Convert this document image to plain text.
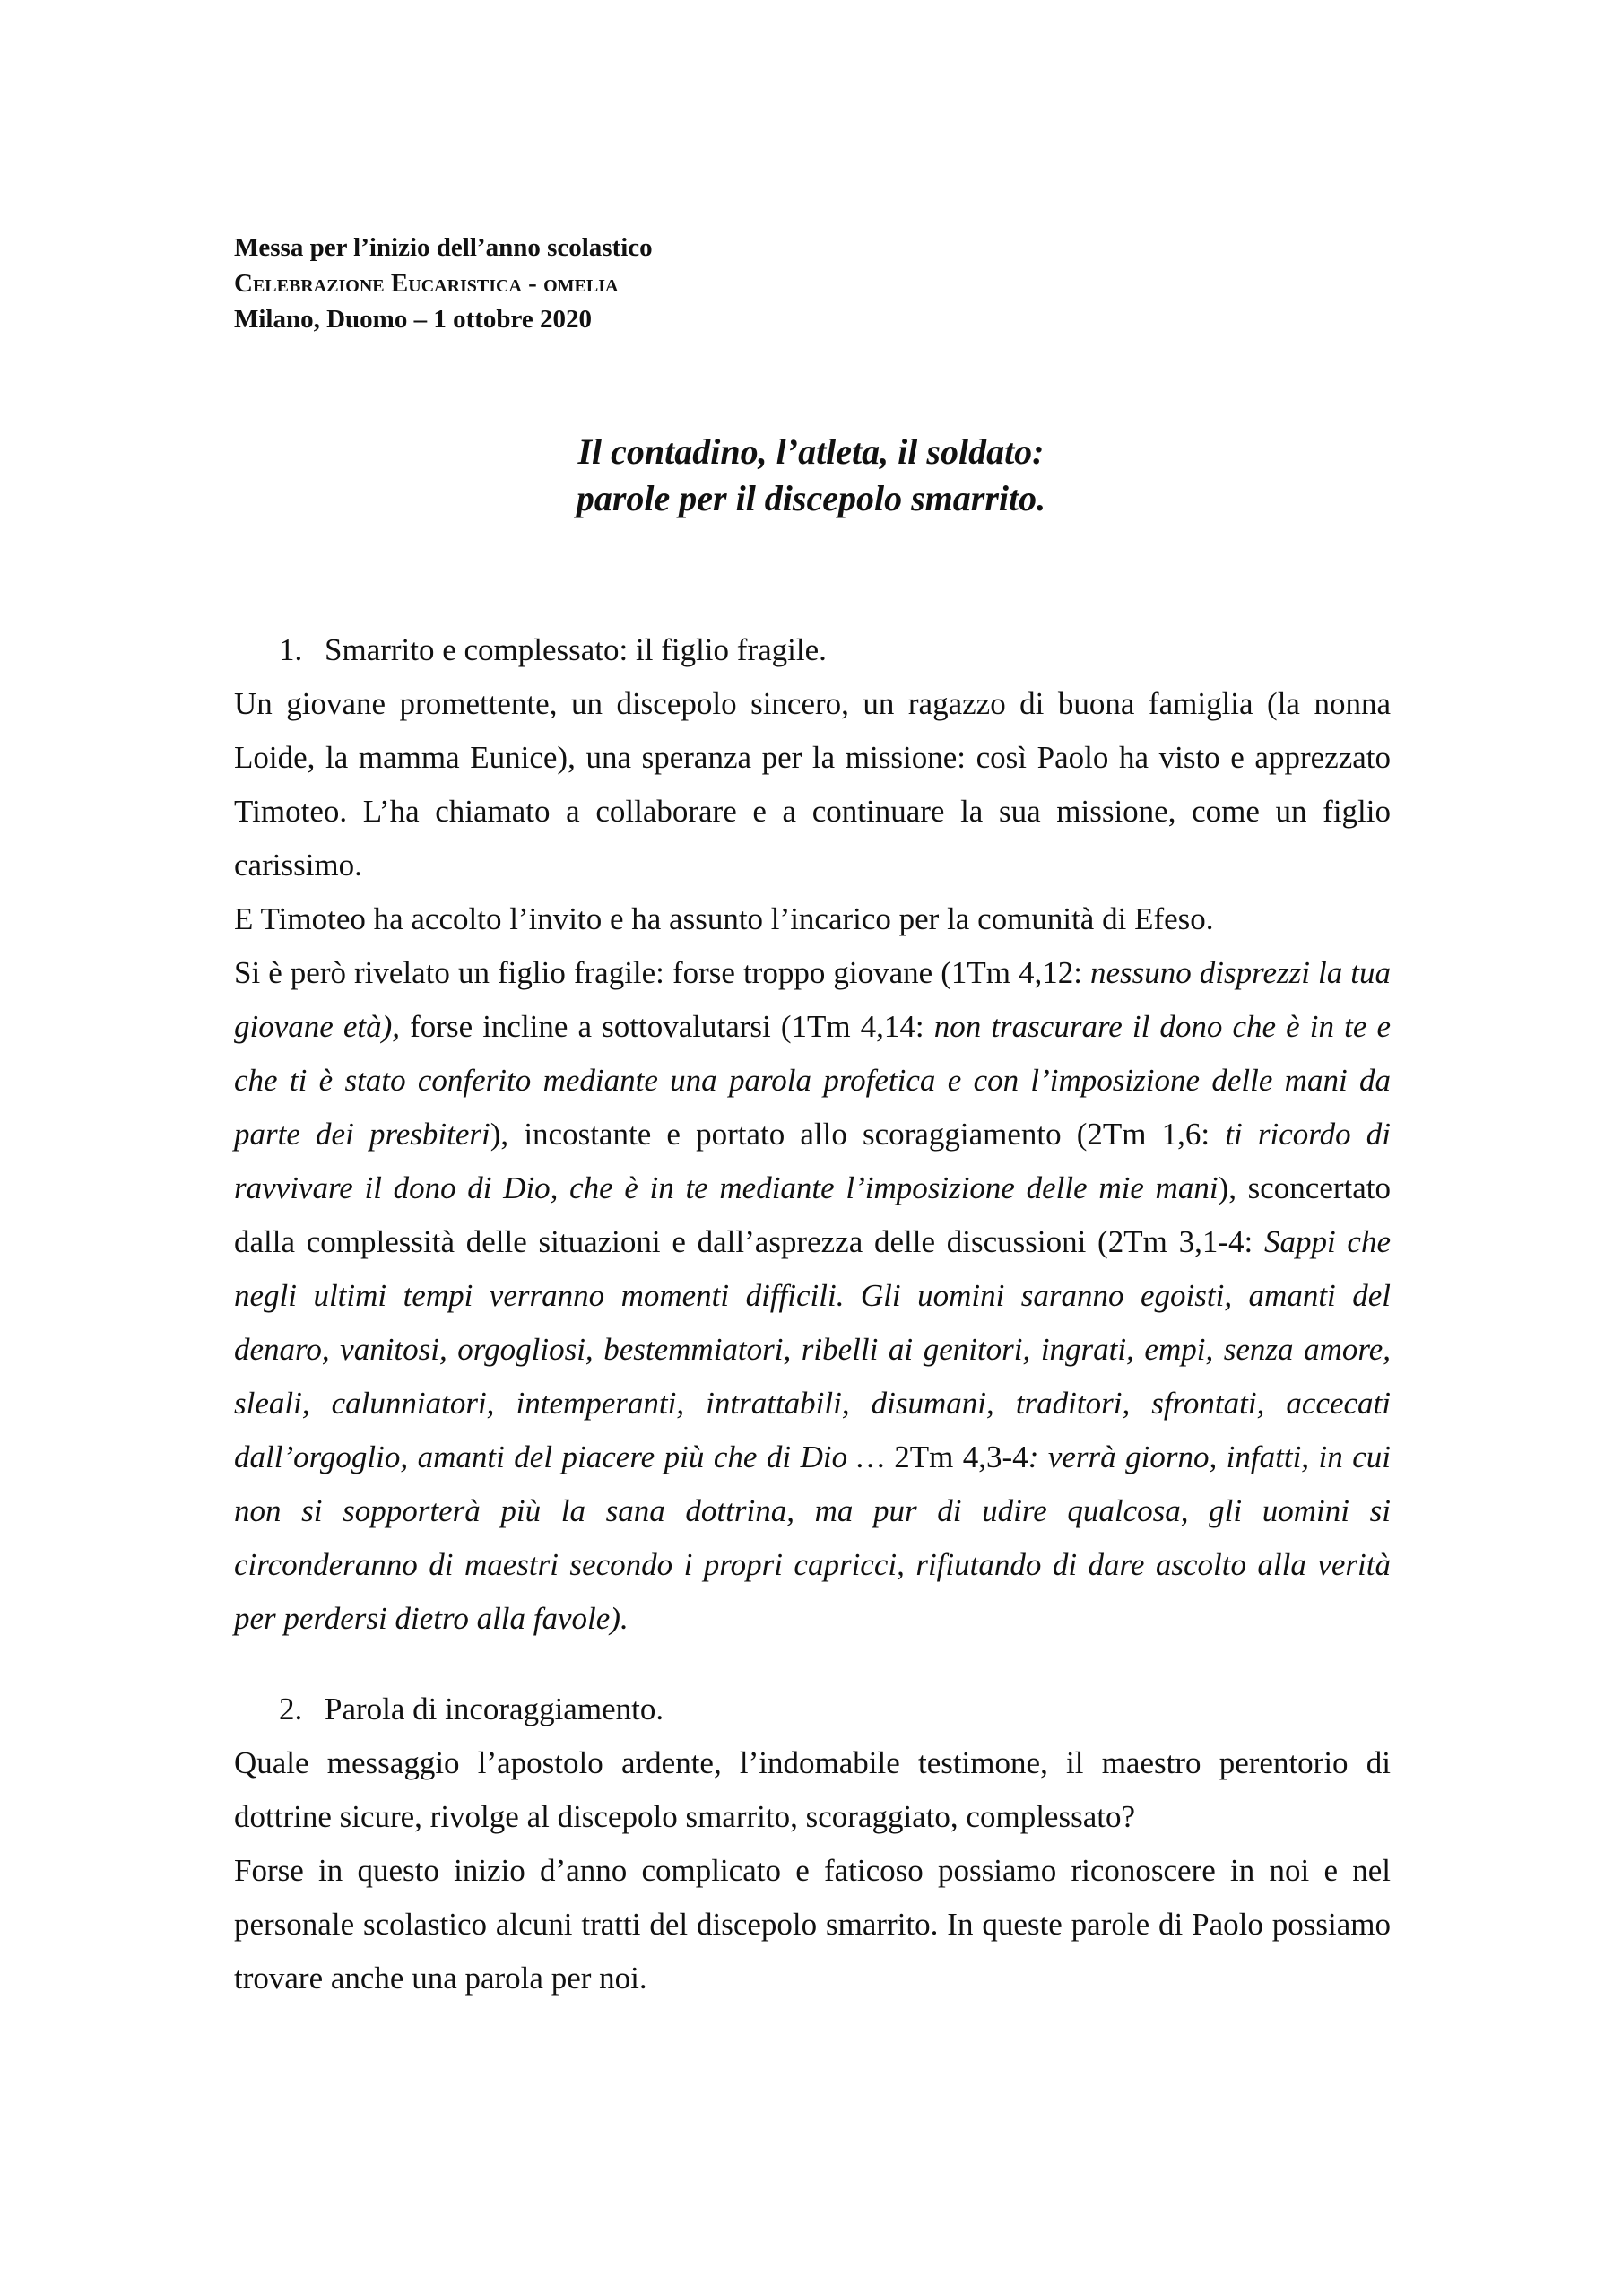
Messa per l’inizio dell’anno scolastico
Celebrazione Eucaristica - omelia
Milano, Duomo – 1 ottobre 2020
Il contadino, l’atleta, il soldato:
parole per il discepolo smarrito.
1. Smarrito e complessato: il figlio fragile.

Un giovane promettente, un discepolo sincero, un ragazzo di buona famiglia (la nonna Loide, la mamma Eunice), una speranza per la missione: così Paolo ha visto e apprezzato Timoteo. L’ha chiamato a collaborare e a continuare la sua missione, come un figlio carissimo.

E Timoteo ha accolto l’invito e ha assunto l’incarico per la comunità di Efeso.

Si è però rivelato un figlio fragile: forse troppo giovane (1Tm 4,12: nessuno disprezzi la tua giovane età), forse incline a sottovalutarsi (1Tm 4,14: non trascurare il dono che è in te e che ti è stato conferito mediante una parola profetica e con l’imposizione delle mani da parte dei presbiteri), incostante e portato allo scoraggiamento (2Tm 1,6: ti ricordo di ravvivare il dono di Dio, che è in te mediante l’imposizione delle mie mani), sconcertato dalla complessità delle situazioni e dall’asprezza delle discussioni (2Tm 3,1-4: Sappi che negli ultimi tempi verranno momenti difficili. Gli uomini saranno egoisti, amanti del denaro, vanitosi, orgogliosi, bestemmiatori, ribelli ai genitori, ingrati, empi, senza amore, sleali, calunniatori, intemperanti, intrattabili, disumani, traditori, sfrontati, accecati dall’orgoglio, amanti del piacere più che di Dio … 2Tm 4,3-4: verrà giorno, infatti, in cui non si sopporterà più la sana dottrina, ma pur di udire qualcosa, gli uomini si circonderanno di maestri secondo i propri capricci, rifiutando di dare ascolto alla verità per perdersi dietro alla favole).

2. Parola di incoraggiamento.

Quale messaggio l’apostolo ardente, l’indomabile testimone, il maestro perentorio di dottrine sicure, rivolge al discepolo smarrito, scoraggiato, complessato?

Forse in questo inizio d’anno complicato e faticoso possiamo riconoscere in noi e nel personale scolastico alcuni tratti del discepolo smarrito. In queste parole di Paolo possiamo trovare anche una parola per noi.
